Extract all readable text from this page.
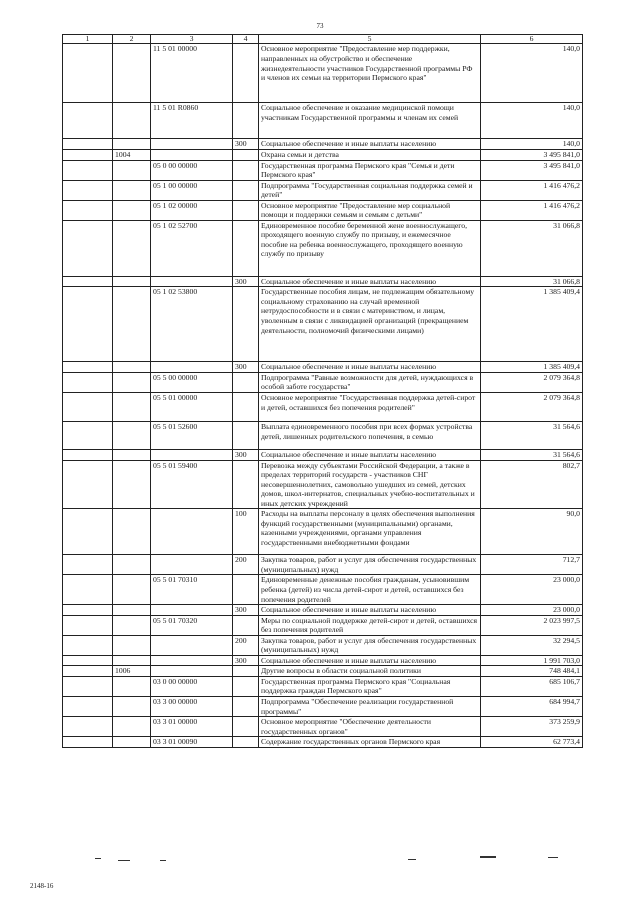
73
1	2	3	4	5	6
		11 5 01 00000		Основное мероприятие "Предоставление мер поддержки, направленных на обустройство и обеспечение жизнедеятельности участников Государственной программы РФ и членов их семьи на территории Пермского края"	140,0
		11 5 01 R0860		Социальное обеспечение и оказание медицинской помощи участникам Государственной программы и членам их семей	140,0
			300	Социальное обеспечение и иные выплаты населению	140,0
	1004			Охрана семьи и детства	3 495 841,0
		05 0 00 00000		Государственная программа Пермского края "Семья и дети Пермского края"	3 495 841,0
		05 1 00 00000		Подпрограмма "Государственная социальная поддержка семей и детей"	1 416 476,2
		05 1 02 00000		Основное мероприятие "Предоставление мер социальной помощи и поддержки семьям и семьям с детьми"	1 416 476,2
		05 1 02 52700		Единовременное пособие беременной жене военнослужащего, проходящего военную службу по призыву, и ежемесячное пособие на ребенка военнослужащего, проходящего военную службу по призыву	31 066,8
			300	Социальное обеспечение и иные выплаты населению	31 066,8
		05 1 02 53800		Государственные пособия лицам, не подлежащим обязательному социальному страхованию на случай временной нетрудоспособности и в связи с материнством, и лицам, уволенным в связи с ликвидацией организаций (прекращением деятельности, полномочий физическими лицами)	1 385 409,4
			300	Социальное обеспечение и иные выплаты населению	1 385 409,4
		05 5 00 00000		Подпрограмма "Равные возможности для детей, нуждающихся в особой заботе государства"	2 079 364,8
		05 5 01 00000		Основное мероприятие "Государственная поддержка детей-сирот и детей, оставшихся без попечения родителей"	2 079 364,8
		05 5 01 52600		Выплата единовременного пособия при всех формах устройства детей, лишенных родительского попечения, в семью	31 564,6
			300	Социальное обеспечение и иные выплаты населению	31 564,6
		05 5 01 59400		Перевозка между субъектами Российской Федерации, а также в пределах территорий государств - участников СНГ несовершеннолетних, самовольно ушедших из семей, детских домов, школ-интернатов, специальных учебно-воспитательных и иных детских учреждений	802,7
			100	Расходы на выплаты персоналу в целях обеспечения выполнения функций государственными (муниципальными) органами, казенными учреждениями, органами управления государственными внебюджетными фондами	90,0
			200	Закупка товаров, работ и услуг для обеспечения государственных (муниципальных) нужд	712,7
		05 5 01 70310		Единовременные денежные пособия гражданам, усыновившим ребенка (детей) из числа детей-сирот и детей, оставшихся без попечения родителей	23 000,0
			300	Социальное обеспечение и иные выплаты населению	23 000,0
		05 5 01 70320		Меры по социальной поддержке детей-сирот и детей, оставшихся без попечения родителей	2 023 997,5
			200	Закупка товаров, работ и услуг для обеспечения государственных (муниципальных) нужд	32 294,5
			300	Социальное обеспечение и иные выплаты населению	1 991 703,0
	1006			Другие вопросы в области социальной политики	748 484,1
		03 0 00 00000		Государственная программа Пермского края "Социальная поддержка граждан Пермского края"	685 106,7
		03 3 00 00000		Подпрограмма "Обеспечение реализации государственной программы"	684 994,7
		03 3 01 00000		Основное мероприятие "Обеспечение деятельности государственных органов"	373 259,9
		03 3 01 00090		Содержание государственных органов Пермского края	62 773,4
2148-16
